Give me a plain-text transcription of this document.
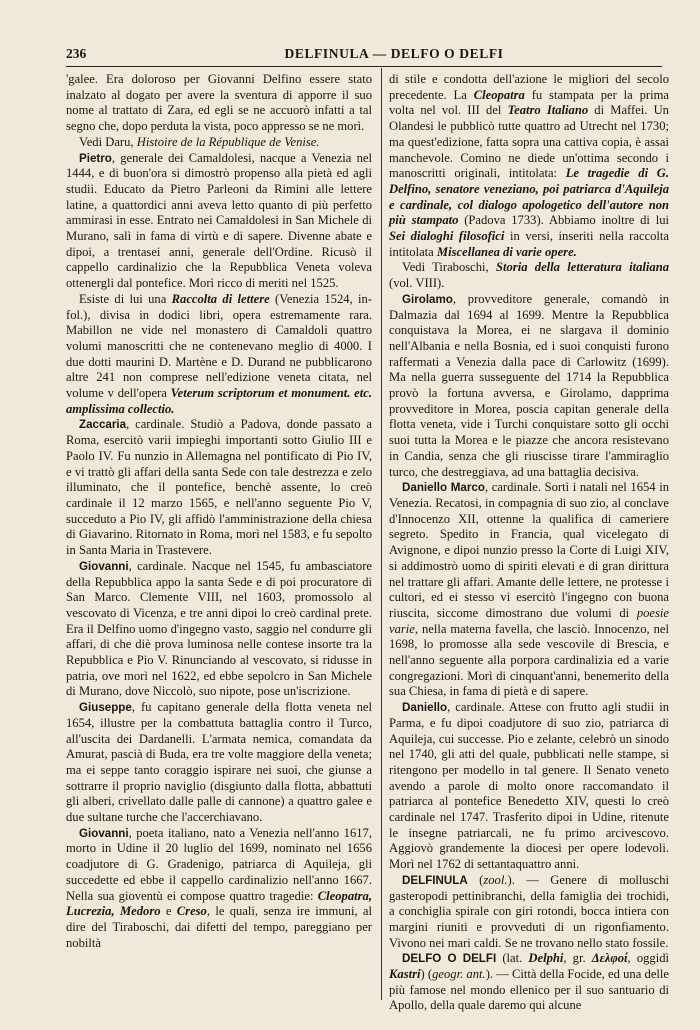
236	DELFINULA — DELFO O DELFI

'galee. Era doloroso per Giovanni Delfino essere stato inalzato al dogato per avere la sventura di apporre il suo nome al trattato di Zara, ed egli se ne accuorò infatti a tal segno che, dopo perduta la vista, poco appresso se ne morì.

Vedi Daru, Histoire de la République de Venise.

Pietro, generale dei Camaldolesi, nacque a Venezia nel 1444, e di buon'ora si dimostrò propenso alla pietà ed agli studii. Educato da Pietro Parleoni da Rimini alle lettere latine, a quattordici anni aveva letto quanto di più perfetto ammirasi in esse. Entrato nei Camaldolesi in San Michele di Murano, salì in fama di virtù e di sapere. Divenne abate e dipoi, a trentasei anni, generale dell'Ordine. Ricusò il cappello cardinalizio che la Repubblica Veneta voleva ottenergli dal pontefice. Morì ricco di meriti nel 1525.

Esiste di lui una Raccolta di lettere (Venezia 1524, in-fol.), divisa in dodici libri, opera estremamente rara. Mabillon ne vide nel monastero di Camaldoli quattro volumi manoscritti che ne contenevano meglio di 4000. I due dotti maurini D. Martène e D. Durand ne pubblicarono altre 241 non comprese nell'edizione veneta citata, nel volume v dell'opera Veterum scriptorum et monument. etc. amplissima collectio.

Zaccaria, cardinale. Studiò a Padova, donde passato a Roma, esercitò varii impieghi importanti sotto Giulio III e Paolo IV. Fu nunzio in Allemagna nel pontificato di Pio IV, e vi trattò gli affari della santa Sede con tale destrezza e zelo illuminato, che il pontefice, benchè assente, lo creò cardinale il 12 marzo 1565, e nell'anno seguente Pio V, succeduto a Pio IV, gli affidò l'amministrazione della chiesa di Giavarino. Ritornato in Roma, morì nel 1583, e fu sepolto in Santa Maria in Trastevere.

Giovanni, cardinale. Nacque nel 1545, fu ambasciatore della Repubblica appo la santa Sede e di poi procuratore di San Marco. Clemente VIII, nel 1603, promossolo al vescovato di Vicenza, e tre anni dipoi lo creò cardinal prete. Era il Delfino uomo d'ingegno vasto, saggio nel condurre gli affari, di che diè prova luminosa nelle contese insorte tra la Repubblica e Pio V. Rinunciando al vescovato, si ridusse in patria, ove morì nel 1622, ed ebbe sepolcro in San Michele di Murano, dove Niccolò, suo nipote, pose un'iscrizione.

Giuseppe, fu capitano generale della flotta veneta nel 1654, illustre per la combattuta battaglia contro il Turco, all'uscita dei Dardanelli. L'armata nemica, comandata da Amurat, pascià di Buda, era tre volte maggiore della veneta; ma ei seppe tanto coraggio ispirare nei suoi, che giunse a sottrarre il proprio naviglio (disgiunto dalla flotta, abbattuti gli alberi, crivellato dalle palle di cannone) a quattro galee e due sultane turche che l'accerchiavano.

Giovanni, poeta italiano, nato a Venezia nell'anno 1617, morto in Udine il 20 luglio del 1699, nominato nel 1656 coadjutore di G. Gradenigo, patriarca di Aquileja, gli succedette ed ebbe il cappello cardinalizio nell'anno 1667. Nella sua gioventù ei compose quattro tragedie: Cleopatra, Lucrezia, Medoro e Creso, le quali, senza ire immuni, al dire del Tiraboschi, dai difetti del tempo, pareggiano per nobiltà

di stile e condotta dell'azione le migliori del secolo precedente. La Cleopatra fu stampata per la prima volta nel vol. III del Teatro Italiano di Maffei. Un Olandesi le pubblicò tutte quattro ad Utrecht nel 1730; ma quest'edizione, fatta sopra una cattiva copia, è assai manchevole. Comino ne diede un'ottima secondo i manoscritti originali, intitolata: Le tragedie di G. Delfino, senatore veneziano, poi patriarca d'Aquileja e cardinale, col dialogo apologetico dell'autore non più stampato (Padova 1733). Abbiamo inoltre di lui Sei dialoghi filosofici in versi, inseriti nella raccolta intitolata Miscellanea di varie opere.

Vedi Tiraboschi, Storia della letteratura italiana (vol. VIII).

Girolamo, provveditore generale, comandò in Dalmazia dal 1694 al 1699. Mentre la Repubblica conquistava la Morea, ei ne slargava il dominio nell'Albania e nella Bosnia, ed i suoi conquisti furono raffermati a Venezia dalla pace di Carlowitz (1699). Ma nella guerra susseguente del 1714 la Repubblica provò la fortuna avversa, e Girolamo, dapprima provveditore in Morea, poscia capitan generale della flotta veneta, vide i Turchi conquistare sotto gli occhi suoi tutta la Morea e le piazze che ancora resistevano in Candia, senza che gli riuscisse tirare l'ammiraglio turco, che destreggiava, ad una battaglia decisiva.

Daniello Marco, cardinale. Sortì i natali nel 1654 in Venezia. Recatosi, in compagnia di suo zio, al conclave d'Innocenzo XII, ottenne la qualifica di cameriere segreto. Spedito in Francia, qual vicelegato di Avignone, e dipoi nunzio presso la Corte di Luigi XIV, si addimostrò uomo di spiriti elevati e di gran dirittura nel trattare gli affari. Amante delle lettere, ne protesse i cultori, ed ei stesso vi esercitò l'ingegno con buona riuscita, siccome dimostrano due volumi di poesie varie, nella materna favella, che lasciò. Innocenzo, nel 1698, lo promosse alla sede vescovile di Brescia, e nell'anno seguente alla porpora cardinalizia ed a varie congregazioni. Morì di cinquant'anni, benemerito della sua Chiesa, in fama di pietà e di sapere.

Daniello, cardinale. Attese con frutto agli studii in Parma, e fu dipoi coadjutore di suo zio, patriarca di Aquileja, cui successe. Pio e zelante, celebrò un sinodo nel 1740, gli atti del quale, pubblicati nelle stampe, si ritengono per modello in tal genere. Il Senato veneto avendo a parole di molto onore raccomandato il patriarca al pontefice Benedetto XIV, questi lo creò cardinale nel 1747. Trasferito dipoi in Udine, ritenute le insegne patriarcali, ne fu primo arcivescovo. Aggiovò grandemente la diocesi per opere lodevoli. Morì nel 1762 di settantaquattro anni.

DELFINULA (zool.). — Genere di molluschi gasteropodi pettinibranchi, della famiglia dei trochidi, a conchiglia spirale con giri rotondi, bocca intiera con margini riuniti e provveduti di un rigonfiamento. Vivono nei mari caldi. Se ne trovano nello stato fossile.

DELFO O DELFI (lat. Delphi, gr. Δελφοί, oggidì Kastri) (geogr. ant.). — Città della Focide, ed una delle più famose nel mondo ellenico per il suo santuario di Apollo, della quale daremo qui alcune
